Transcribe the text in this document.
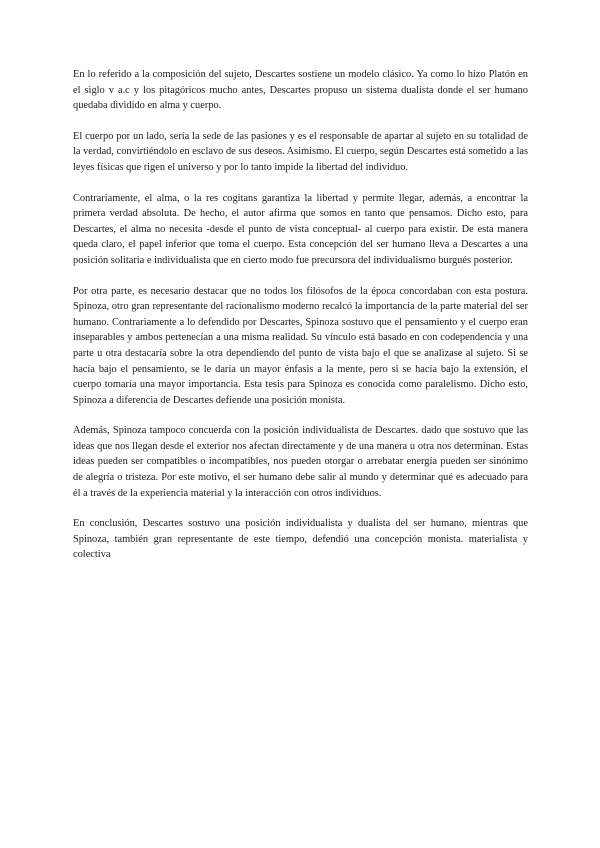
En lo referido a la composición del sujeto, Descartes sostiene un modelo clásico. Ya como lo hizo Platón en el siglo v a.c y los pitagóricos mucho antes, Descartes propuso un sistema dualista donde el ser humano quedaba dividido en alma y cuerpo.

El cuerpo por un lado, sería la sede de las pasiones y es el responsable de apartar al sujeto en su totalidad de la verdad, convirtiéndolo en esclavo de sus deseos. Asimismo. El cuerpo, según Descartes está sometido a las leyes físicas que rigen el universo y por lo tanto impide la libertad del individuo.

Contrariamente, el alma, o la res cogitans garantiza la libertad y permite llegar, además, a encontrar la primera verdad absoluta. De hecho, el autor afirma que somos en tanto que pensamos. Dicho esto, para Descartes, el alma no necesita -desde el punto de vista conceptual- al cuerpo para existir. De esta manera queda claro, el papel inferior que toma el cuerpo. Esta concepción del ser humano lleva a Descartes a una posición solitaria e individualista que en cierto modo fue precursora del individualismo burgués posterior.

Por otra parte, es necesario destacar que no todos los filósofos de la época concordaban con esta postura. Spinoza, otro gran representante del racionalismo moderno recalcó la importancia de la parte material del ser humano. Contrariamente a lo defendido por Descartes, Spinoza sostuvo que el pensamiento y el cuerpo eran inseparables y ambos pertenecían a una misma realidad. Su vínculo está basado en con codependencia y una parte u otra destacaría sobre la otra dependiendo del punto de vista bajo el que se analizase al sujeto. Si se hacía bajo el pensamiento, se le daría un mayor énfasis a la mente, pero si se hacía bajo la extensión, el cuerpo tomaría una mayor importancia. Esta tesis para Spinoza es conocida como paralelismo. Dicho esto, Spinoza a diferencia de Descartes defiende una posición monista.

Además, Spinoza tampoco concuerda con la posición individualista de Descartes. dado que sostuvo que las ideas que nos llegan desde el exterior nos afectan directamente y de una manera u otra nos determinan. Estas ideas pueden ser compatibles o incompatibles, nos pueden otorgar o arrebatar energía pueden ser sinónimo de alegría o tristeza. Por este motivo, el ser humano debe salir al mundo y determinar qué es adecuado para él a través de la experiencia material y la interacción con otros individuos.

En conclusión, Descartes sostuvo una posición individualista y dualista del ser humano, mientras que Spinoza, también gran representante de este tiempo, defendió una concepción monista. materialista y colectiva
